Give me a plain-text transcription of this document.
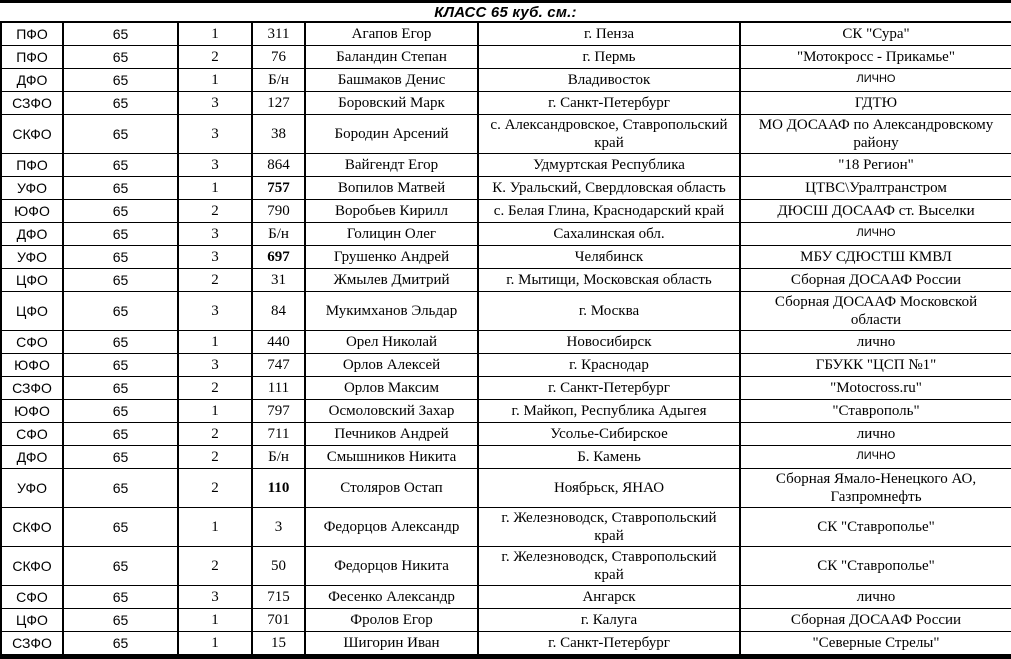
КЛАСС 65 куб. см.:
ПФО	65	1	311	Агапов Егор	г. Пенза	СК "Сура"
ПФО	65	2	76	Баландин Степан	г. Пермь	"Мотокросс - Прикамье"
ДФО	65	1	Б/н	Башмаков Денис	Владивосток	ЛИЧНО
СЗФО	65	3	127	Боровский Марк	г. Санкт-Петербург	ГДТЮ
СКФО	65	3	38	Бородин Арсений	с. Александровское, Ставропольский край	МО ДОСААФ по Александровскому району
ПФО	65	3	864	Вайгендт Егор	Удмуртская Республика	"18 Регион"
УФО	65	1	757	Вопилов Матвей	К. Уральский, Свердловская область	ЦТВС\Уралтранстром
ЮФО	65	2	790	Воробьев Кирилл	с. Белая Глина, Краснодарский край	ДЮСШ ДОСААФ ст. Выселки
ДФО	65	3	Б/н	Голицин Олег	Сахалинская обл.	ЛИЧНО
УФО	65	3	697	Грушенко Андрей	Челябинск	МБУ СДЮСТШ КМВЛ
ЦФО	65	2	31	Жмылев Дмитрий	г. Мытищи, Московская область	Сборная ДОСААФ России
ЦФО	65	3	84	Мукимханов Эльдар	г. Москва	Сборная ДОСААФ Московской области
СФО	65	1	440	Орел Николай	Новосибирск	лично
ЮФО	65	3	747	Орлов Алексей	г. Краснодар	ГБУКК "ЦСП №1"
СЗФО	65	2	111	Орлов Максим	г. Санкт-Петербург	"Motocross.ru"
ЮФО	65	1	797	Осмоловский Захар	г. Майкоп, Республика Адыгея	"Ставрополь"
СФО	65	2	711	Печников Андрей	Усолье-Сибирское	лично
ДФО	65	2	Б/н	Смышников Никита	Б. Камень	ЛИЧНО
УФО	65	2	110	Столяров Остап	Ноябрьск, ЯНАО	Сборная Ямало-Ненецкого АО, Газпромнефть
СКФО	65	1	3	Федорцов Александр	г. Железноводск, Ставропольский край	СК "Ставрополье"
СКФО	65	2	50	Федорцов Никита	г. Железноводск, Ставропольский край	СК "Ставрополье"
СФО	65	3	715	Фесенко Александр	Ангарск	лично
ЦФО	65	1	701	Фролов Егор	г. Калуга	Сборная ДОСААФ России
СЗФО	65	1	15	Шигорин Иван	г. Санкт-Петербург	"Северные Стрелы"
